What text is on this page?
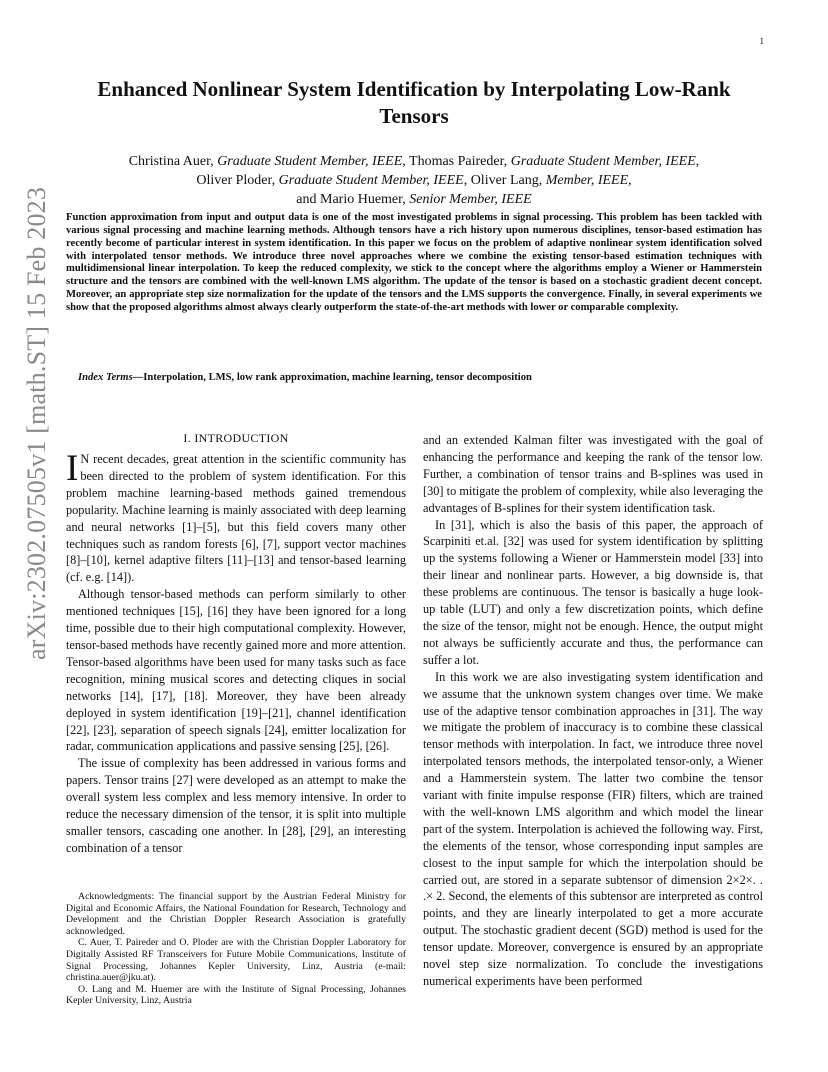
1
arXiv:2302.07505v1 [math.ST] 15 Feb 2023
Enhanced Nonlinear System Identification by Interpolating Low-Rank Tensors
Christina Auer, Graduate Student Member, IEEE, Thomas Paireder, Graduate Student Member, IEEE,
Oliver Ploder, Graduate Student Member, IEEE, Oliver Lang, Member, IEEE,
and Mario Huemer, Senior Member, IEEE
Function approximation from input and output data is one of the most investigated problems in signal processing. This problem has been tackled with various signal processing and machine learning methods. Although tensors have a rich history upon numerous disciplines, tensor-based estimation has recently become of particular interest in system identification. In this paper we focus on the problem of adaptive nonlinear system identification solved with interpolated tensor methods. We introduce three novel approaches where we combine the existing tensor-based estimation techniques with multidimensional linear interpolation. To keep the reduced complexity, we stick to the concept where the algorithms employ a Wiener or Hammerstein structure and the tensors are combined with the well-known LMS algorithm. The update of the tensor is based on a stochastic gradient decent concept. Moreover, an appropriate step size normalization for the update of the tensors and the LMS supports the convergence. Finally, in several experiments we show that the proposed algorithms almost always clearly outperform the state-of-the-art methods with lower or comparable complexity.
Index Terms—Interpolation, LMS, low rank approximation, machine learning, tensor decomposition
I. INTRODUCTION

I N recent decades, great attention in the scientific community has been directed to the problem of system identification. For this problem machine learning-based methods gained tremendous popularity. Machine learning is mainly associated with deep learning and neural networks [1]–[5], but this field covers many other techniques such as random forests [6], [7], support vector machines [8]–[10], kernel adaptive filters [11]–[13] and tensor-based learning (cf. e.g. [14]).

Although tensor-based methods can perform similarly to other mentioned techniques [15], [16] they have been ignored for a long time, possible due to their high computational complexity. However, tensor-based methods have recently gained more and more attention. Tensor-based algorithms have been used for many tasks such as face recognition, mining musical scores and detecting cliques in social networks [14], [17], [18]. Moreover, they have been already deployed in system identification [19]–[21], channel identification [22], [23], separation of speech signals [24], emitter localization for radar, communication applications and passive sensing [25], [26].

The issue of complexity has been addressed in various forms and papers. Tensor trains [27] were developed as an attempt to make the overall system less complex and less memory intensive. In order to reduce the necessary dimension of the tensor, it is split into multiple smaller tensors, cascading one another. In [28], [29], an interesting combination of a tensor

Acknowledgments: The financial support by the Austrian Federal Ministry for Digital and Economic Affairs, the National Foundation for Research, Technology and Development and the Christian Doppler Research Association is gratefully acknowledged.

C. Auer, T. Paireder and O. Ploder are with the Christian Doppler Laboratory for Digitally Assisted RF Transceivers for Future Mobile Communications, Institute of Signal Processing, Johannes Kepler University, Linz, Austria (e-mail: christina.auer@jku.at).

O. Lang and M. Huemer are with the Institute of Signal Processing, Johannes Kepler University, Linz, Austria

and an extended Kalman filter was investigated with the goal of enhancing the performance and keeping the rank of the tensor low. Further, a combination of tensor trains and B-splines was used in [30] to mitigate the problem of complexity, while also leveraging the advantages of B-splines for their system identification task.

In [31], which is also the basis of this paper, the approach of Scarpiniti et.al. [32] was used for system identification by splitting up the systems following a Wiener or Hammerstein model [33] into their linear and nonlinear parts. However, a big downside is, that these problems are continuous. The tensor is basically a huge look-up table (LUT) and only a few discretization points, which define the size of the tensor, might not be enough. Hence, the output might not always be sufficiently accurate and thus, the performance can suffer a lot.

In this work we are also investigating system identification and we assume that the unknown system changes over time. We make use of the adaptive tensor combination approaches in [31]. The way we mitigate the problem of inaccuracy is to combine these classical tensor methods with interpolation. In fact, we introduce three novel interpolated tensors methods, the interpolated tensor-only, a Wiener and a Hammerstein system. The latter two combine the tensor variant with finite impulse response (FIR) filters, which are trained with the well-known LMS algorithm and which model the linear part of the system. Interpolation is achieved the following way. First, the elements of the tensor, whose corresponding input samples are closest to the input sample for which the interpolation should be carried out, are stored in a separate subtensor of dimension 2×2×. . .× 2. Second, the elements of this subtensor are interpreted as control points, and they are linearly interpolated to get a more accurate output. The stochastic gradient decent (SGD) method is used for the tensor update. Moreover, convergence is ensured by an appropriate novel step size normalization. To conclude the investigations numerical experiments have been performed
